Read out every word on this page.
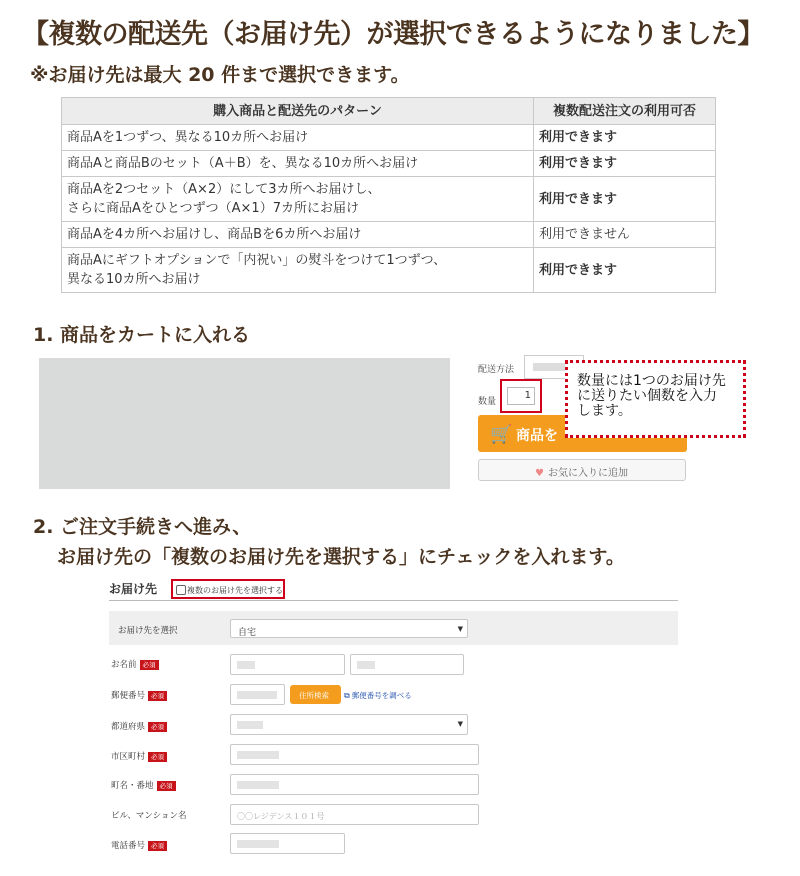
【複数の配送先（お届け先）が選択できるようになりました】
※お届け先は最大 20 件まで選択できます。
購入商品と配送先のパターン	複数配送注文の利用可否
商品Aを1つずつ、異なる10カ所へお届け	利用できます
商品Aと商品Bのセット（A＋B）を、異なる10カ所へお届け	利用できます
商品Aを2つセット（A×2）にして3カ所へお届けし、
さらに商品Aをひとつずつ（A×1）7カ所にお届け	利用できます
商品Aを4カ所へお届けし、商品Bを6カ所へお届け	利用できません
商品Aにギフトオプションで「内祝い」の熨斗をつけて1つずつ、
異なる10カ所へお届け	利用できます
1. 商品をカートに入れる
配送方法
数量
1
🛒 商品を
♥ お気に入りに追加
数量には1つのお届け先
に送りたい個数を入力
します。
2. ご注文手続きへ進み、
お届け先の「複数のお届け先を選択する」にチェックを入れます。
お届け先	複数のお届け先を選択する
お届け先を選択	自宅	▼
お名前 必須
郵便番号 必須	住所検索 ⧉ 郵便番号を調べる
都道府県 必須	▼
市区町村 必須
町名・番地 必須
ビル、マンション名	〇〇レジデンス１０１号
電話番号 必須
